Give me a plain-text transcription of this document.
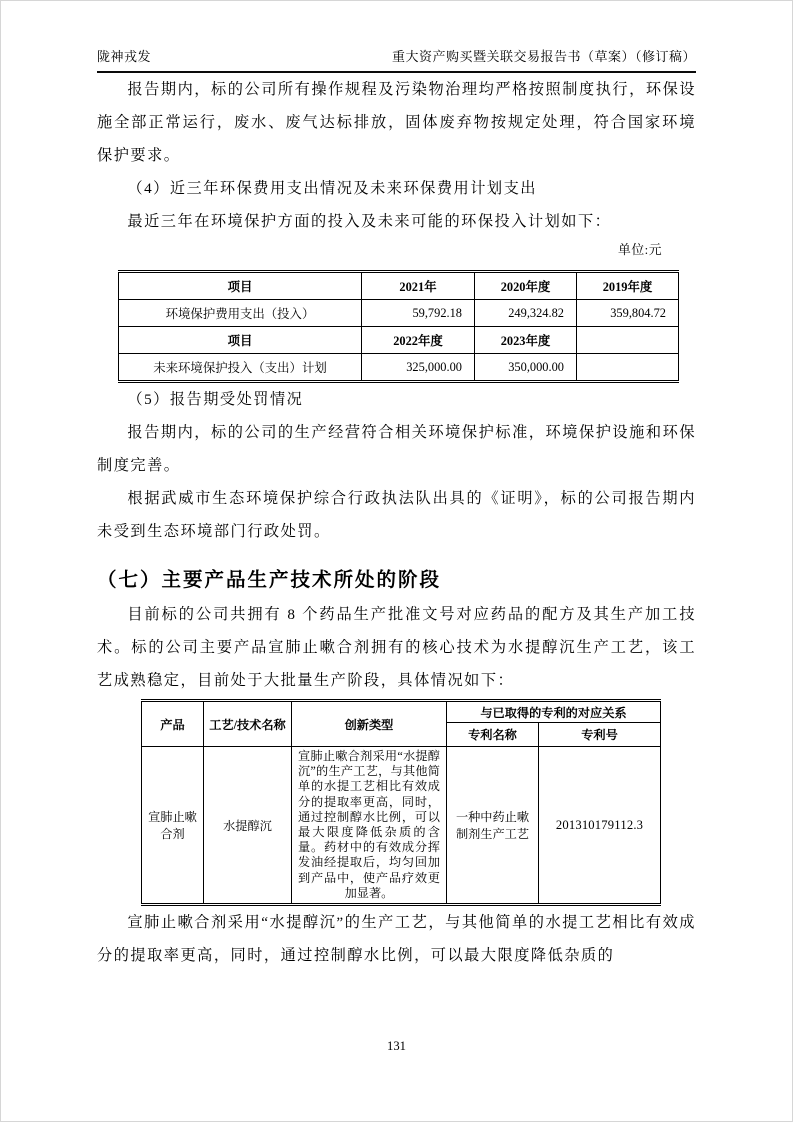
陇神戎发	重大资产购买暨关联交易报告书（草案）（修订稿）

报告期内，标的公司所有操作规程及污染物治理均严格按照制度执行，环保设施全部正常运行，废水、废气达标排放，固体废弃物按规定处理，符合国家环境保护要求。

（4）近三年环保费用支出情况及未来环保费用计划支出

最近三年在环境保护方面的投入及未来可能的环保投入计划如下：

单位:元
项目	2021年	2020年度	2019年度
环境保护费用支出（投入）	59,792.18	249,324.82	359,804.72
项目	2022年度	2023年度	
未来环境保护投入（支出）计划	325,000.00	350,000.00	

（5）报告期受处罚情况

报告期内，标的公司的生产经营符合相关环境保护标准，环境保护设施和环保制度完善。

根据武威市生态环境保护综合行政执法队出具的《证明》，标的公司报告期内未受到生态环境部门行政处罚。

（七）主要产品生产技术所处的阶段

目前标的公司共拥有 8 个药品生产批准文号对应药品的配方及其生产加工技术。标的公司主要产品宣肺止嗽合剂拥有的核心技术为水提醇沉生产工艺，该工艺成熟稳定，目前处于大批量生产阶段，具体情况如下：

产品	工艺/技术名称	创新类型	与已取得的专利的对应关系	
			专利名称	专利号
宣肺止嗽合剂	水提醇沉	宣肺止嗽合剂采用“水提醇沉”的生产工艺，与其他简单的水提工艺相比有效成分的提取率更高，同时，通过控制醇水比例，可以最大限度降低杂质的含量。药材中的有效成分挥发油经提取后，均匀回加到产品中，使产品疗效更加显著。	一种中药止嗽制剂生产工艺	201310179112.3

宣肺止嗽合剂采用“水提醇沉”的生产工艺，与其他简单的水提工艺相比有效成分的提取率更高，同时，通过控制醇水比例，可以最大限度降低杂质的

131
